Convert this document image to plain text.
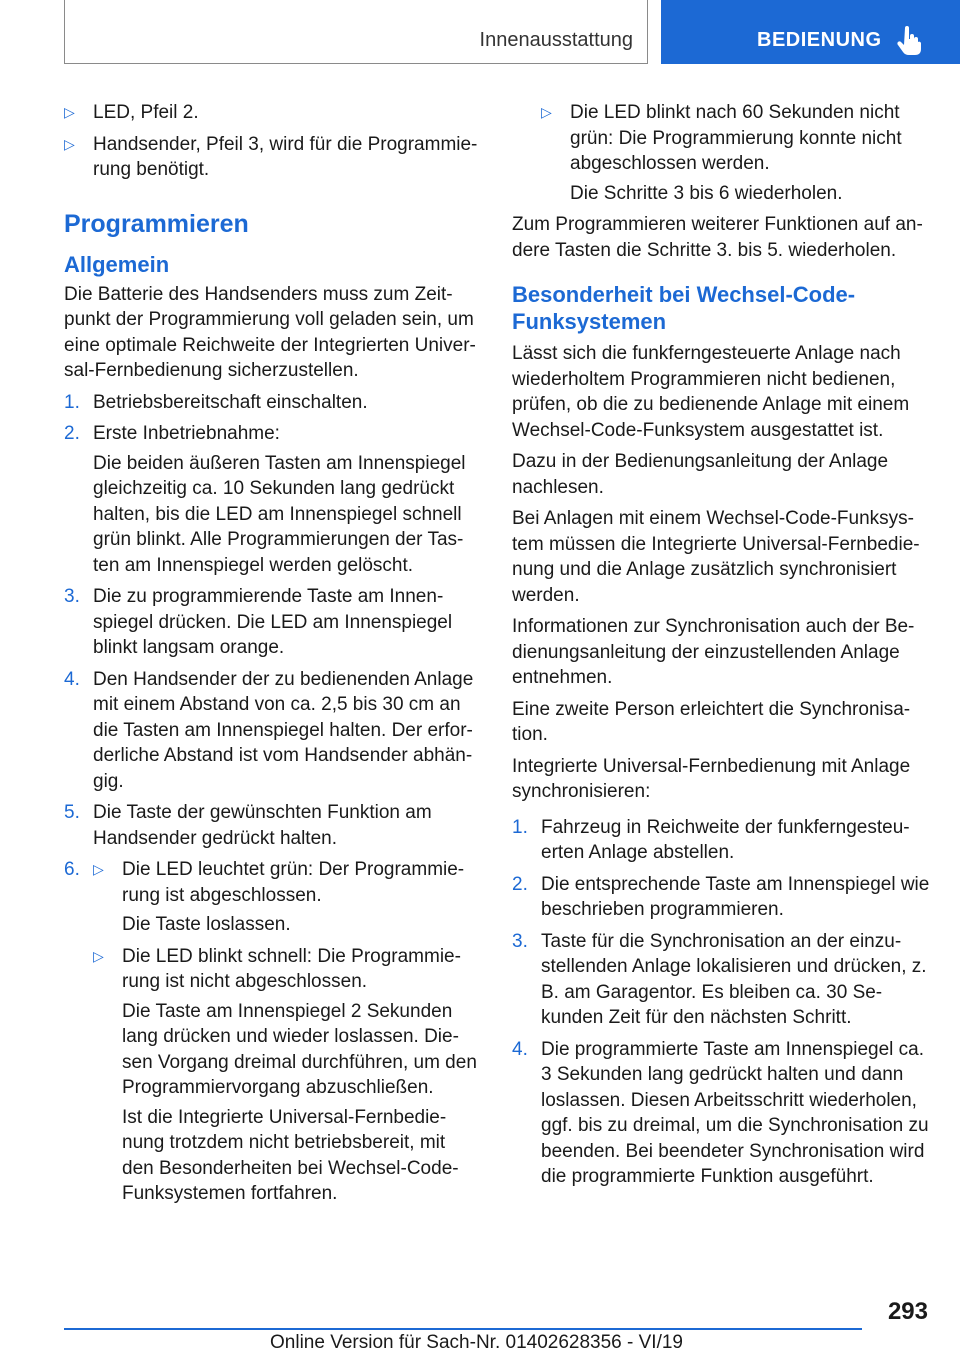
Innenausstattung	BEDIENUNG
▷ LED, Pfeil 2.
▷ Handsender, Pfeil 3, wird für die Programmie-rung benötigt.
Programmieren
Allgemein

Die Batterie des Handsenders muss zum Zeit-punkt der Programmierung voll geladen sein, um eine optimale Reichweite der Integrierten Univer-sal-Fernbedienung sicherzustellen.

1. Betriebsbereitschaft einschalten.
2. Erste Inbetriebnahme:
Die beiden äußeren Tasten am Innenspiegel gleichzeitig ca. 10 Sekunden lang gedrückt halten, bis die LED am Innenspiegel schnell grün blinkt. Alle Programmierungen der Tas-ten am Innenspiegel werden gelöscht.
3. Die zu programmierende Taste am Innen-spiegel drücken. Die LED am Innenspiegel blinkt langsam orange.
4. Den Handsender der zu bedienenden Anlage mit einem Abstand von ca. 2,5 bis 30 cm an die Tasten am Innenspiegel halten. Der erfor-derliche Abstand ist vom Handsender abhän-gig.
5. Die Taste der gewünschten Funktion am Handsender gedrückt halten.
6. ▷ Die LED leuchtet grün: Der Programmie-rung ist abgeschlossen.
Die Taste loslassen.
▷ Die LED blinkt schnell: Die Programmie-rung ist nicht abgeschlossen.
Die Taste am Innenspiegel 2 Sekunden lang drücken und wieder loslassen. Die-sen Vorgang dreimal durchführen, um den Programmiervorgang abzuschließen.
Ist die Integrierte Universal-Fernbedie-nung trotzdem nicht betriebsbereit, mit den Besonderheiten bei Wechsel-Code-Funksystemen fortfahren.
▷ Die LED blinkt nach 60 Sekunden nicht grün: Die Programmierung konnte nicht abgeschlossen werden.
Die Schritte 3 bis 6 wiederholen.

Zum Programmieren weiterer Funktionen auf an-dere Tasten die Schritte 3. bis 5. wiederholen.

Besonderheit bei Wechsel-Code-Funksystemen

Lässt sich die funkferngesteuerte Anlage nach wiederholtem Programmieren nicht bedienen, prüfen, ob die zu bedienende Anlage mit einem Wechsel-Code-Funksystem ausgestattet ist.

Dazu in der Bedienungsanleitung der Anlage nachlesen.

Bei Anlagen mit einem Wechsel-Code-Funksys-tem müssen die Integrierte Universal-Fernbedie-nung und die Anlage zusätzlich synchronisiert werden.

Informationen zur Synchronisation auch der Be-dienungsanleitung der einzustellenden Anlage entnehmen.

Eine zweite Person erleichtert die Synchronisa-tion.

Integrierte Universal-Fernbedienung mit Anlage synchronisieren:

1. Fahrzeug in Reichweite der funkferngesteu-erten Anlage abstellen.
2. Die entsprechende Taste am Innenspiegel wie beschrieben programmieren.
3. Taste für die Synchronisation an der einzu-stellenden Anlage lokalisieren und drücken, z. B. am Garagentor. Es bleiben ca. 30 Se-kunden Zeit für den nächsten Schritt.
4. Die programmierte Taste am Innenspiegel ca. 3 Sekunden lang gedrückt halten und dann loslassen. Diesen Arbeitsschritt wiederholen, ggf. bis zu dreimal, um die Synchronisation zu beenden. Bei beendeter Synchronisation wird die programmierte Funktion ausgeführt.
293
Online Version für Sach-Nr. 01402628356 - VI/19
